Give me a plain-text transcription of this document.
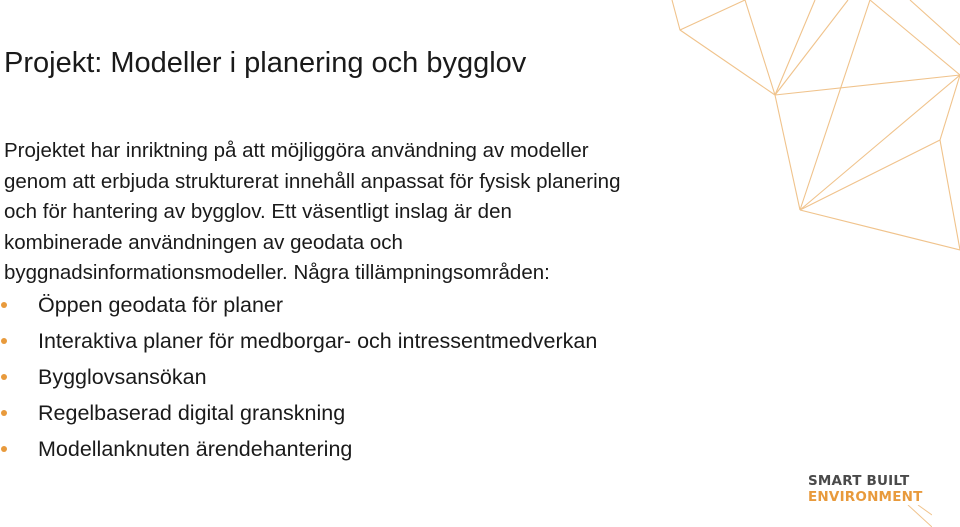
Projekt: Modeller i planering och bygglov

Projektet har inriktning på att möjliggöra användning av modeller
genom att erbjuda strukturerat innehåll anpassat för fysisk planering
och för hantering av bygglov. Ett väsentligt inslag är den
kombinerade användningen av geodata och
byggnadsinformationsmodeller. Några tillämpningsområden:

Öppen geodata för planer
Interaktiva planer för medborgar- och intressentmedverkan
Bygglovsansökan
Regelbaserad digital granskning
Modellanknuten ärendehantering
SMART BUILT
ENVIRONMENT
